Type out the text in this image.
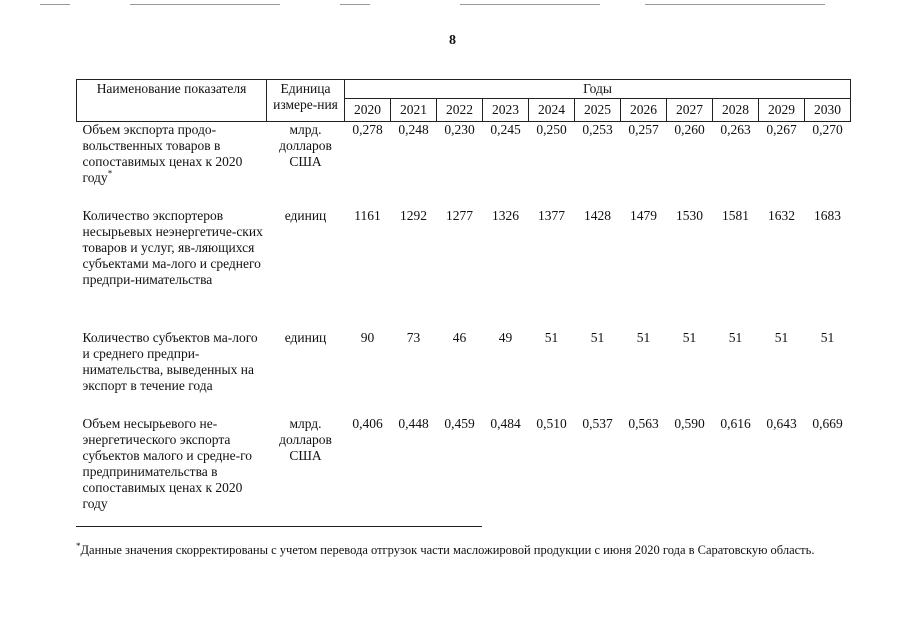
8
Наименование показателя	Единица измере-ния	Годы										
		2020	2021	2022	2023	2024	2025	2026	2027	2028	2029	2030
Объем экспорта продо-вольственных товаров в сопоставимых ценах к 2020 году*	млрд. долларов США	0,278	0,248	0,230	0,245	0,250	0,253	0,257	0,260	0,263	0,267	0,270
Количество экспортеров несырьевых неэнергетиче-ских товаров и услуг, яв-ляющихся субъектами ма-лого и среднего предпри-нимательства	единиц	1161	1292	1277	1326	1377	1428	1479	1530	1581	1632	1683
Количество субъектов ма-лого и среднего предпри-нимательства, выведенных на экспорт в течение года	единиц	90	73	46	49	51	51	51	51	51	51	51
Объем несырьевого не-энергетического экспорта субъектов малого и средне-го предпринимательства в сопоставимых ценах к 2020 году	млрд. долларов США	0,406	0,448	0,459	0,484	0,510	0,537	0,563	0,590	0,616	0,643	0,669
*Данные значения скорректированы с учетом перевода отгрузок части масложировой продукции с июня 2020 года в Саратовскую область.
